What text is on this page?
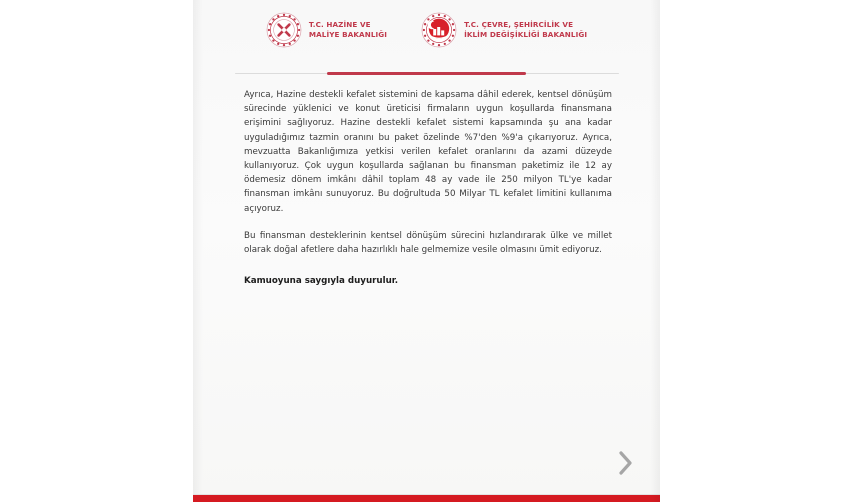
T.C. HAZİNE VE
MALİYE BAKANLIĞI
T.C. ÇEVRE, ŞEHİRCİLİK VE
İKLİM DEĞİŞİKLİĞİ BAKANLIĞI

Ayrıca, Hazine destekli kefalet sistemini de kapsama dâhil ederek, kentsel dönüşüm sürecinde yüklenici ve konut üreticisi firmaların uygun koşullarda finansmana erişimini sağlıyoruz. Hazine destekli kefalet sistemi kapsamında şu ana kadar uyguladığımız tazmin oranını bu paket özelinde %7'den %9'a çıkarıyoruz. Ayrıca, mevzuatta Bakanlığımıza yetkisi verilen kefalet oranlarını da azami düzeyde kullanıyoruz. Çok uygun koşullarda sağlanan bu finansman paketimiz ile 12 ay ödemesiz dönem imkânı dâhil toplam 48 ay vade ile 250 milyon TL'ye kadar finansman imkânı sunuyoruz. Bu doğrultuda 50 Milyar TL kefalet limitini kullanıma açıyoruz.

Bu finansman desteklerinin kentsel dönüşüm sürecini hızlandırarak ülke ve millet olarak doğal afetlere daha hazırlıklı hale gelmemize vesile olmasını ümit ediyoruz.

Kamuoyuna saygıyla duyurulur.
